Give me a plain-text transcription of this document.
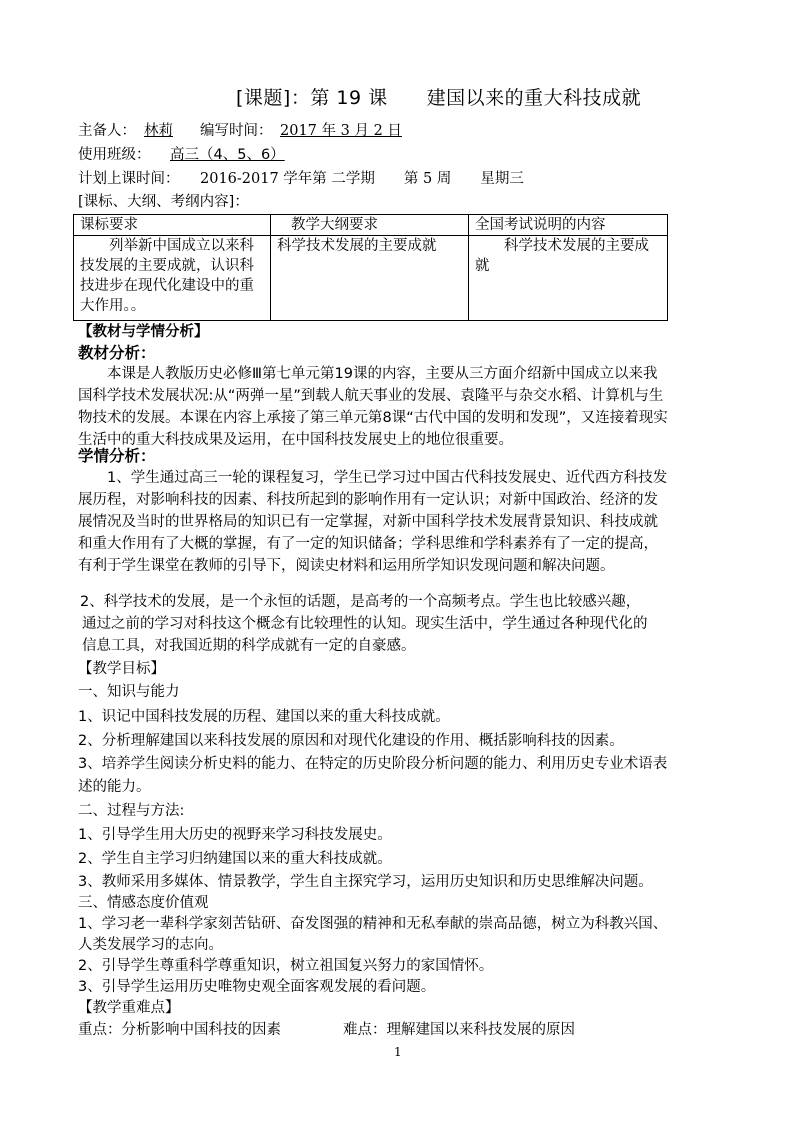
[课题]：第 19 课　　建国以来的重大科技成就
主备人： 林莉 编写时间： 2017 年 3 月 2 日
使用班级： 高三（4、5、6）
计划上课时间： 2016-2017 学年第 二学期　　第 5 周　　星期三
[课标、大纲、考纲内容]：
课标要求	教学大纲要求	全国考试说明的内容
列举新中国成立以来科技发展的主要成就，认识科技进步在现代化建设中的重大作用。。	科学技术发展的主要成就	科学技术发展的主要成就
【教材与学情分析】
教材分析：
本课是人教版历史必修Ⅲ第七单元第19课的内容，主要从三方面介绍新中国成立以来我国科学技术发展状况:从“两弹一星”到载人航天事业的发展、袁隆平与杂交水稻、计算机与生物技术的发展。本课在内容上承接了第三单元第8课“古代中国的发明和发现”，又连接着现实生活中的重大科技成果及运用，在中国科技发展史上的地位很重要。
学情分析：
1、学生通过高三一轮的课程复习，学生已学习过中国古代科技发展史、近代西方科技发展历程，对影响科技的因素、科技所起到的影响作用有一定认识；对新中国政治、经济的发展情况及当时的世界格局的知识已有一定掌握，对新中国科学技术发展背景知识、科技成就和重大作用有了大概的掌握，有了一定的知识储备；学科思维和学科素养有了一定的提高，有利于学生课堂在教师的引导下，阅读史材料和运用所学知识发现问题和解决问题。
2、科学技术的发展，是一个永恒的话题，是高考的一个高频考点。学生也比较感兴趣，
通过之前的学习对科技这个概念有比较理性的认知。现实生活中，学生通过各种现代化的
信息工具，对我国近期的科学成就有一定的自豪感。
【教学目标】
一、知识与能力
1、识记中国科技发展的历程、建国以来的重大科技成就。
2、分析理解建国以来科技发展的原因和对现代化建设的作用、概括影响科技的因素。
3、培养学生阅读分析史料的能力、在特定的历史阶段分析问题的能力、利用历史专业术语表述的能力。
二、过程与方法:
1、引导学生用大历史的视野来学习科技发展史。
2、学生自主学习归纳建国以来的重大科技成就。
3、教师采用多媒体、情景教学，学生自主探究学习，运用历史知识和历史思维解决问题。
三、情感态度价值观
1、学习老一辈科学家刻苦钻研、奋发图强的精神和无私奉献的崇高品德，树立为科教兴国、人类发展学习的志向。
2、引导学生尊重科学尊重知识，树立祖国复兴努力的家国情怀。
3、引导学生运用历史唯物史观全面客观发展的看问题。
【教学重难点】
重点：分析影响中国科技的因素	难点：理解建国以来科技发展的原因
1
